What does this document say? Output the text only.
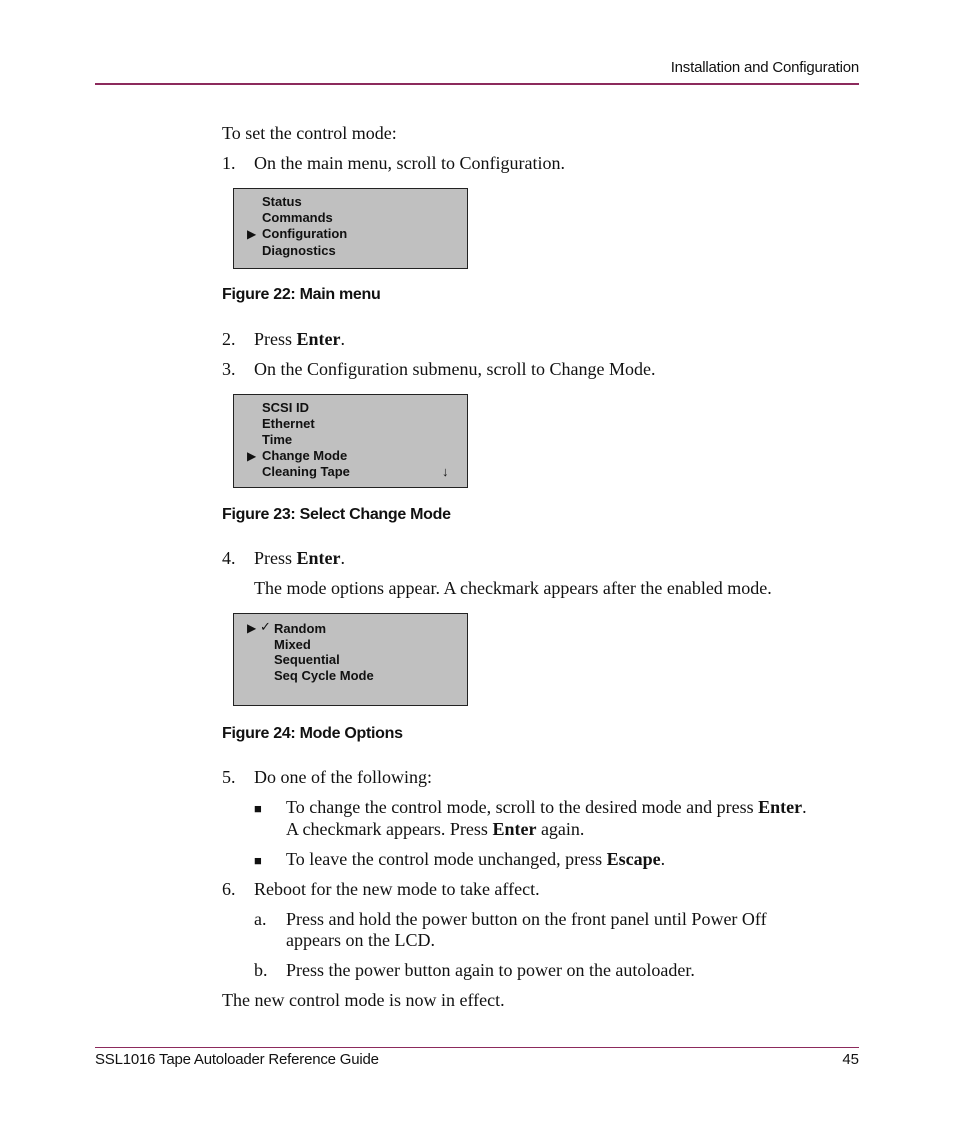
Installation and Configuration
To set the control mode:
1. On the main menu, scroll to Configuration.
Status
Commands
▶ Configuration
Diagnostics
Figure 22: Main menu
2. Press Enter.
3. On the Configuration submenu, scroll to Change Mode.
SCSI ID
Ethernet
Time
▶ Change Mode
Cleaning Tape	↓
Figure 23: Select Change Mode
4. Press Enter.
The mode options appear. A checkmark appears after the enabled mode.
▶ ✓ Random
Mixed
Sequential
Seq Cycle Mode
Figure 24: Mode Options
5. Do one of the following:
■ To change the control mode, scroll to the desired mode and press Enter.
A checkmark appears. Press Enter again.
■ To leave the control mode unchanged, press Escape.
6. Reboot for the new mode to take affect.
a. Press and hold the power button on the front panel until Power Off
appears on the LCD.
b. Press the power button again to power on the autoloader.
The new control mode is now in effect.
SSL1016 Tape Autoloader Reference Guide	45
